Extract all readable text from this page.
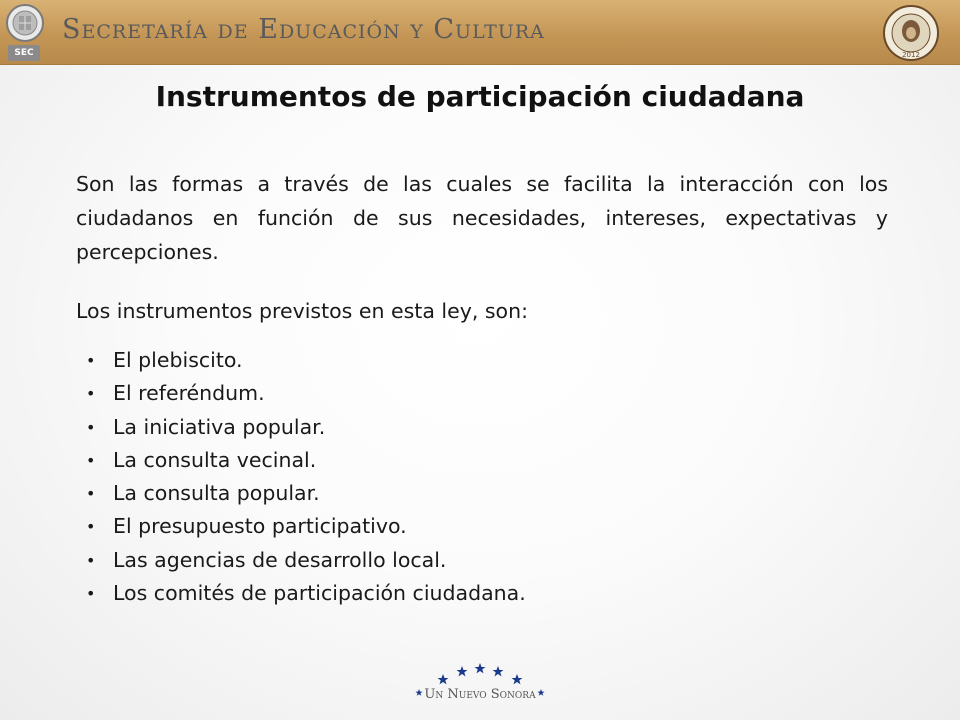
SEC
Secretaría de Educación y Cultura
2012
Instrumentos de participación ciudadana

Son las formas a través de las cuales se facilita la interacción con los ciudadanos en función de sus necesidades, intereses, expectativas y percepciones.

Los instrumentos previstos en esta ley, son:

• El plebiscito.
• El referéndum.
• La iniciativa popular.
• La consulta vecinal.
• La consulta popular.
• El presupuesto participativo.
• Las agencias de desarrollo local.
• Los comités de participación ciudadana.
Un Nuevo Sonora
